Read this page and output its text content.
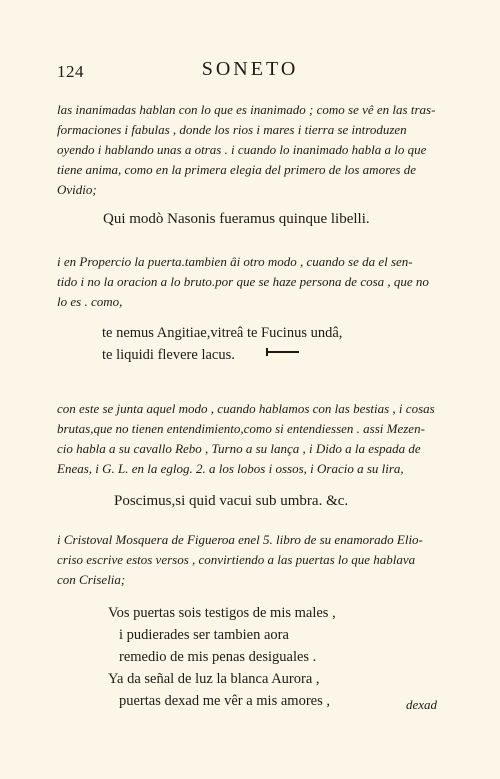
124	SONETO
las inanimadas hablan con lo que es inanimado ; como se vê en las tras-
formaciones i fabulas , donde los rios i mares i tierra se introduzen
oyendo i hablando unas a otras . i cuando lo inanimado habla a lo que
tiene anima, como en la primera elegia del primero de los amores de
Ovidio;
Qui modò Nasonis fueramus quinque libelli.
i en Propercio la puerta.tambien âi otro modo , cuando se da el sen-
tido i no la oracion a lo bruto.por que se haze persona de cosa , que no
lo es . como,
te nemus Angitiae,vitreâ te Fucinus undâ,
te liquidi flevere lacus.
con este se junta aquel modo , cuando hablamos con las bestias , i cosas
brutas,que no tienen entendimiento,como si entendiessen . assi Mezen-
cio habla a su cavallo Rebo , Turno a su lança , i Dido a la espada de
Eneas, i G. L. en la eglog. 2. a los lobos i ossos, i Oracio a su lira,
Poscimus,si quid vacui sub umbra. &c.
i Cristoval Mosquera de Figueroa enel 5. libro de su enamorado Elio-
criso escrive estos versos , convirtiendo a las puertas lo que hablava
con Criselia;
Vos puertas sois testigos de mis males ,
i pudierades ser tambien aora
remedio de mis penas desiguales .
Ya da señal de luz la blanca Aurora ,
puertas dexad me vêr a mis amores ,	dexad
